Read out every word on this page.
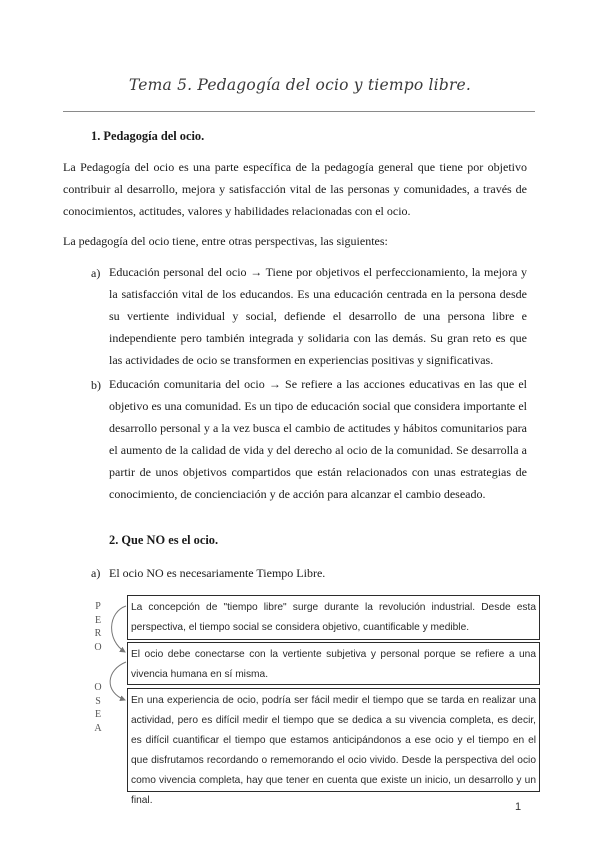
Tema 5. Pedagogía del ocio y tiempo libre.
1. Pedagogía del ocio.
La Pedagogía del ocio es una parte específica de la pedagogía general que tiene por objetivo contribuir al desarrollo, mejora y satisfacción vital de las personas y comunidades, a través de conocimientos, actitudes, valores y habilidades relacionadas con el ocio.
La pedagogía del ocio tiene, entre otras perspectivas, las siguientes:
a) Educación personal del ocio → Tiene por objetivos el perfeccionamiento, la mejora y la satisfacción vital de los educandos. Es una educación centrada en la persona desde su vertiente individual y social, defiende el desarrollo de una persona libre e independiente pero también integrada y solidaria con las demás. Su gran reto es que las actividades de ocio se transformen en experiencias positivas y significativas.
b) Educación comunitaria del ocio → Se refiere a las acciones educativas en las que el objetivo es una comunidad. Es un tipo de educación social que considera importante el desarrollo personal y a la vez busca el cambio de actitudes y hábitos comunitarios para el aumento de la calidad de vida y del derecho al ocio de la comunidad. Se desarrolla a partir de unos objetivos compartidos que están relacionados con unas estrategias de conocimiento, de concienciación y de acción para alcanzar el cambio deseado.
2. Que NO es el ocio.
a) El ocio NO es necesariamente Tiempo Libre.
P
E
R
O
O
S
E
A
La concepción de "tiempo libre" surge durante la revolución industrial. Desde esta perspectiva, el tiempo social se considera objetivo, cuantificable y medible.
El ocio debe conectarse con la vertiente subjetiva y personal porque se refiere a una vivencia humana en sí misma.
En una experiencia de ocio, podría ser fácil medir el tiempo que se tarda en realizar una actividad, pero es difícil medir el tiempo que se dedica a su vivencia completa, es decir, es difícil cuantificar el tiempo que estamos anticipándonos a ese ocio y el tiempo en el que disfrutamos recordando o rememorando el ocio vivido. Desde la perspectiva del ocio como vivencia completa, hay que tener en cuenta que existe un inicio, un desarrollo y un final.
1
